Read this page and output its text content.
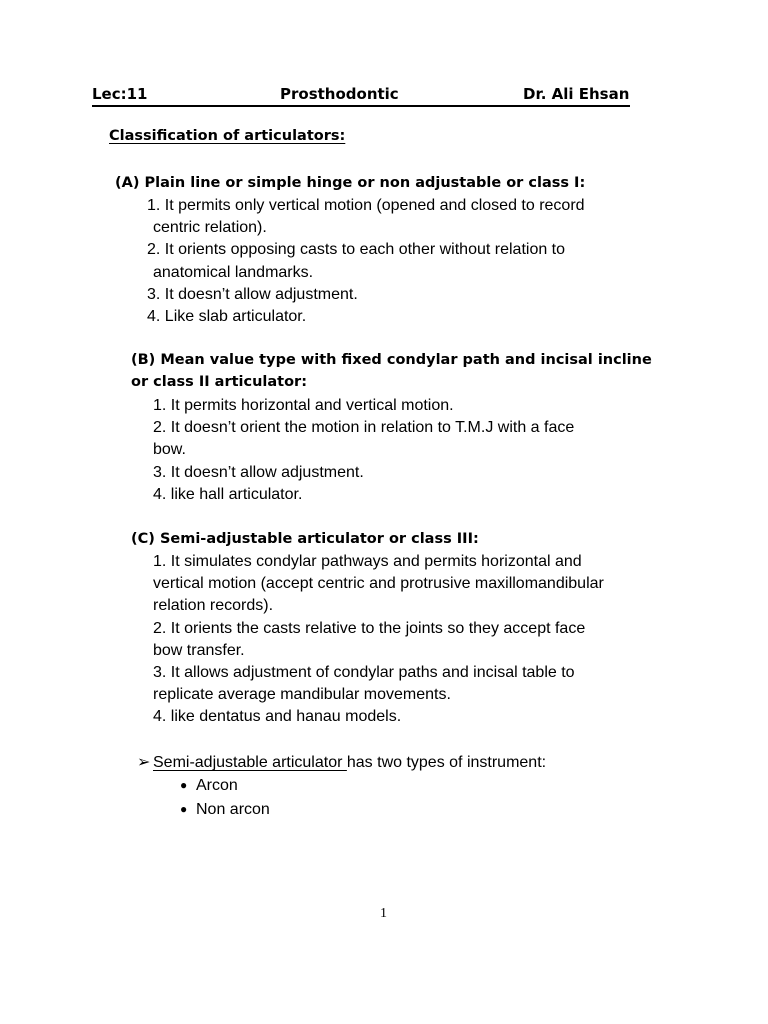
Lec:11	Prosthodontic	Dr. Ali Ehsan
Classification of articulators:
(A) Plain line or simple hinge or non adjustable or class I:
1. It permits only vertical motion (opened and closed to record
centric relation).
2. It orients opposing casts to each other without relation to
anatomical landmarks.
3. It doesn’t allow adjustment.
4. Like slab articulator.
(B) Mean value type with fixed condylar path and incisal incline
or class II articulator:
1. It permits horizontal and vertical motion.
2. It doesn’t orient the motion in relation to T.M.J with a face
bow.
3. It doesn’t allow adjustment.
4. like hall articulator.
(C) Semi-adjustable articulator or class III:
1. It simulates condylar pathways and permits horizontal and
vertical motion (accept centric and protrusive maxillomandibular
relation records).
2. It orients the casts relative to the joints so they accept face
bow transfer.
3. It allows adjustment of condylar paths and incisal table to
replicate average mandibular movements.
4. like dentatus and hanau models.
➢ Semi-adjustable articulator has two types of instrument:
● Arcon
● Non arcon
1
